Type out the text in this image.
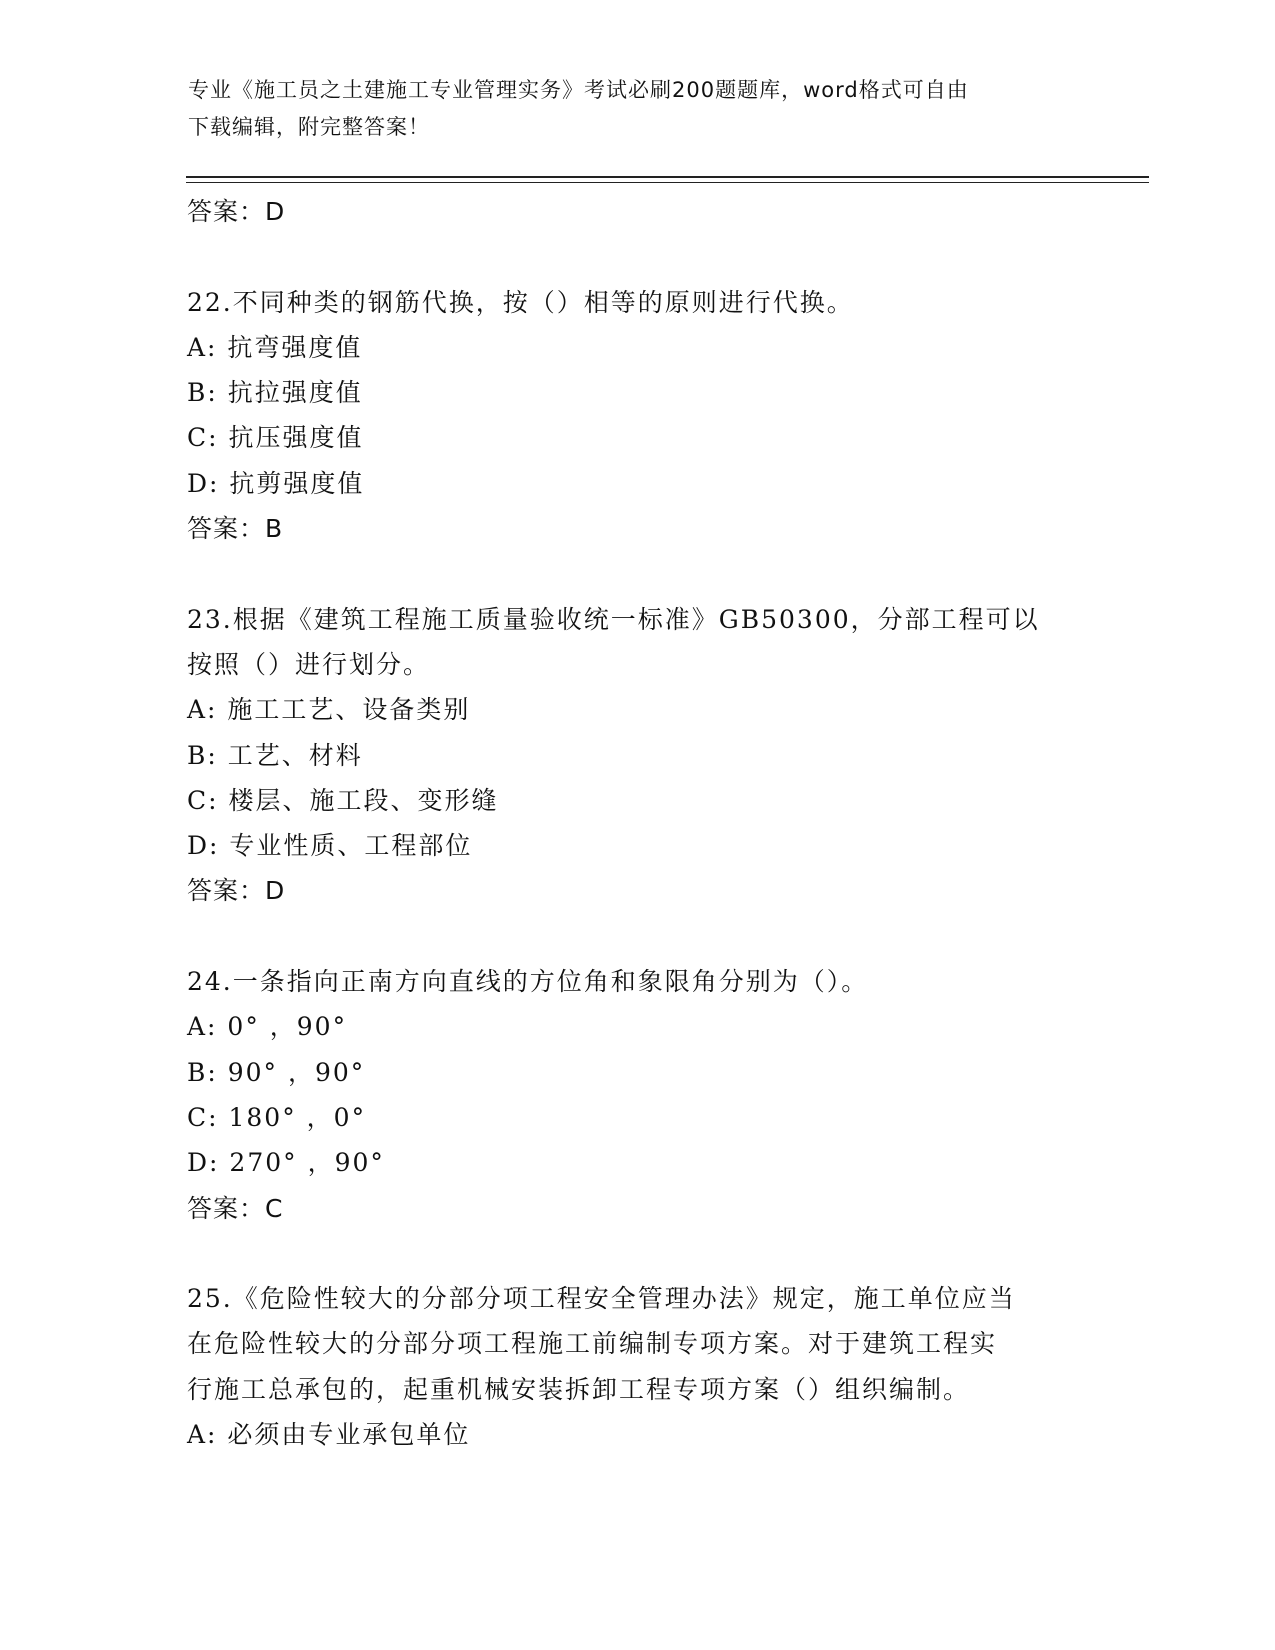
专业《施工员之土建施工专业管理实务》考试必刷200题题库，word格式可自由
下载编辑，附完整答案！
答案：D
22.不同种类的钢筋代换，按（）相等的原则进行代换。
A: 抗弯强度值
B: 抗拉强度值
C: 抗压强度值
D: 抗剪强度值
答案：B
23.根据《建筑工程施工质量验收统一标准》GB50300，分部工程可以
按照（）进行划分。
A: 施工工艺、设备类别
B: 工艺、材料
C: 楼层、施工段、变形缝
D: 专业性质、工程部位
答案：D
24.一条指向正南方向直线的方位角和象限角分别为（）。
A: 0° ，90°
B: 90° ，90°
C: 180° ，0°
D: 270° ，90°
答案：C
25.《危险性较大的分部分项工程安全管理办法》规定，施工单位应当
在危险性较大的分部分项工程施工前编制专项方案。对于建筑工程实
行施工总承包的，起重机械安装拆卸工程专项方案（）组织编制。
A: 必须由专业承包单位
